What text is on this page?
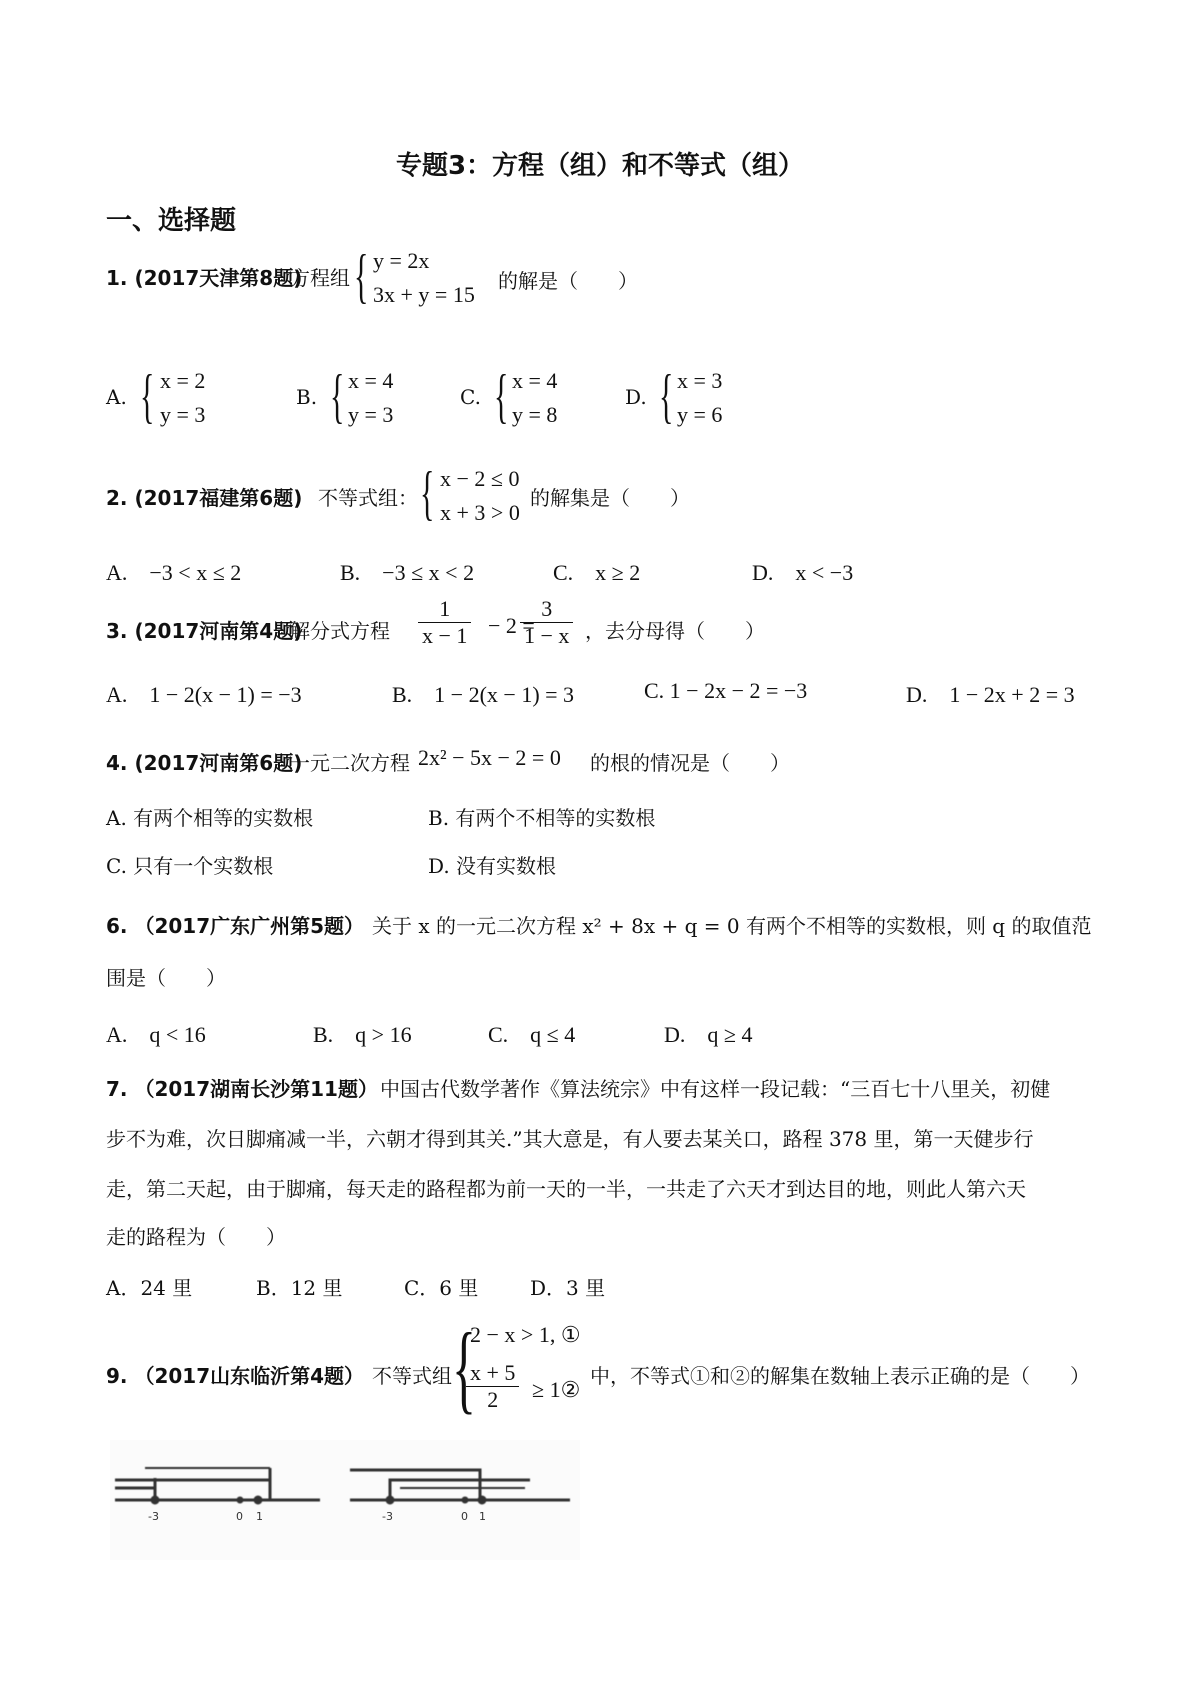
专题3：方程（组）和不等式（组）
一、选择题
1. (2017天津第8题)
方程组 { y = 2x
3x + y = 15
的解是（　　）
A. { x = 2
y = 3
B. { x = 4
y = 3
C. { x = 4
y = 8
D. { x = 3
y = 6
2. (2017福建第6题) 不等式组： { x − 2 ≤ 0
x + 3 > 0
的解集是（　　）
A.　−3 < x ≤ 2	B.　−3 ≤ x < 2	C.　x ≥ 2	D.　x < −3
3. (2017河南第4题)
解分式方程 $\frac{1}{x - 1} - 2$ =
$\frac{3}{1 - x}$ ，去分母得（　　）
A.　1 − 2(x − 1) = −3	B.　1 − 2(x − 1) = 3	C. 1 − 2x − 2 = −3	D.　1 − 2x + 2 = 3
4. (2017河南第6题)
一元二次方程 2x² − 5x − 2 = 0 的根的情况是（　　）
A. 有两个相等的实数根	B. 有两个不相等的实数根
C. 只有一个实数根	D. 没有实数根
6. （2017广东广州第5题） 关于 x 的一元二次方程 x² + 8x + q = 0 有两个不相等的实数根，则 q 的取值范
围是（　　）
A.　q < 16	B.　q > 16	C.　q ≤ 4	D.　q ≥ 4
7. （2017湖南长沙第11题） 中国古代数学著作《算法统宗》中有这样一段记载：“三百七十八里关，初健
步不为难，次日脚痛减一半，六朝才得到其关.”其大意是，有人要去某关口，路程 378 里，第一天健步行
走，第二天起，由于脚痛，每天走的路程都为前一天的一半，一共走了六天才到达目的地，则此人第六天
走的路程为（　　）
A．24 里	B．12 里	C．6 里	D．3 里
9. （2017山东临沂第4题） 不等式组 {
2 − x > 1, ①
$\frac{x + 5}{2}$ ≥ 1②
中，不等式①和②的解集在数轴上表示正确的是（　　）
-3	0 1	-3	0 1
